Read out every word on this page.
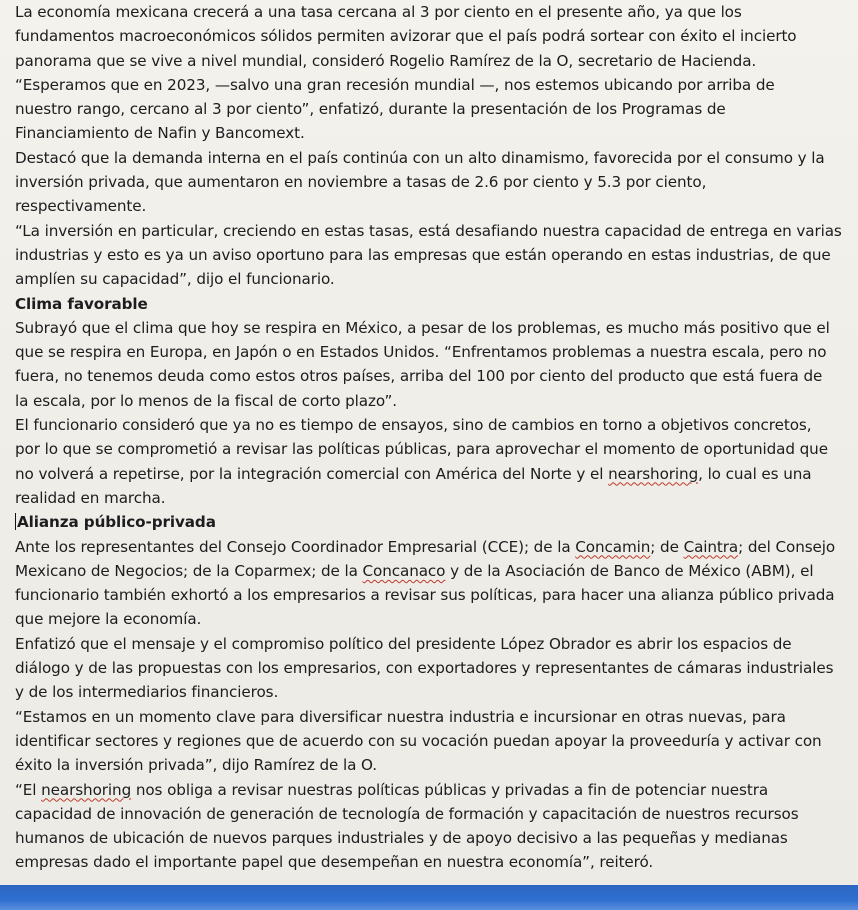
La economía mexicana crecerá a una tasa cercana al 3 por ciento en el presente año, ya que los
fundamentos macroeconómicos sólidos permiten avizorar que el país podrá sortear con éxito el incierto
panorama que se vive a nivel mundial, consideró Rogelio Ramírez de la O, secretario de Hacienda.
“Esperamos que en 2023, —salvo una gran recesión mundial —, nos estemos ubicando por arriba de
nuestro rango, cercano al 3 por ciento”, enfatizó, durante la presentación de los Programas de
Financiamiento de Nafin y Bancomext.
Destacó que la demanda interna en el país continúa con un alto dinamismo, favorecida por el consumo y la
inversión privada, que aumentaron en noviembre a tasas de 2.6 por ciento y 5.3 por ciento,
respectivamente.
“La inversión en particular, creciendo en estas tasas, está desafiando nuestra capacidad de entrega en varias
industrias y esto es ya un aviso oportuno para las empresas que están operando en estas industrias, de que
amplíen su capacidad”, dijo el funcionario.
Clima favorable
Subrayó que el clima que hoy se respira en México, a pesar de los problemas, es mucho más positivo que el
que se respira en Europa, en Japón o en Estados Unidos. “Enfrentamos problemas a nuestra escala, pero no
fuera, no tenemos deuda como estos otros países, arriba del 100 por ciento del producto que está fuera de
la escala, por lo menos de la fiscal de corto plazo”.
El funcionario consideró que ya no es tiempo de ensayos, sino de cambios en torno a objetivos concretos,
por lo que se comprometió a revisar las políticas públicas, para aprovechar el momento de oportunidad que
no volverá a repetirse, por la integración comercial con América del Norte y el nearshoring, lo cual es una
realidad en marcha.
Alianza público-privada
Ante los representantes del Consejo Coordinador Empresarial (CCE); de la Concamin; de Caintra; del Consejo
Mexicano de Negocios; de la Coparmex; de la Concanaco y de la Asociación de Banco de México (ABM), el
funcionario también exhortó a los empresarios a revisar sus políticas, para hacer una alianza público privada
que mejore la economía.
Enfatizó que el mensaje y el compromiso político del presidente López Obrador es abrir los espacios de
diálogo y de las propuestas con los empresarios, con exportadores y representantes de cámaras industriales
y de los intermediarios financieros.
“Estamos en un momento clave para diversificar nuestra industria e incursionar en otras nuevas, para
identificar sectores y regiones que de acuerdo con su vocación puedan apoyar la proveeduría y activar con
éxito la inversión privada”, dijo Ramírez de la O.
“El nearshoring nos obliga a revisar nuestras políticas públicas y privadas a fin de potenciar nuestra
capacidad de innovación de generación de tecnología de formación y capacitación de nuestros recursos
humanos de ubicación de nuevos parques industriales y de apoyo decisivo a las pequeñas y medianas
empresas dado el importante papel que desempeñan en nuestra economía”, reiteró.
